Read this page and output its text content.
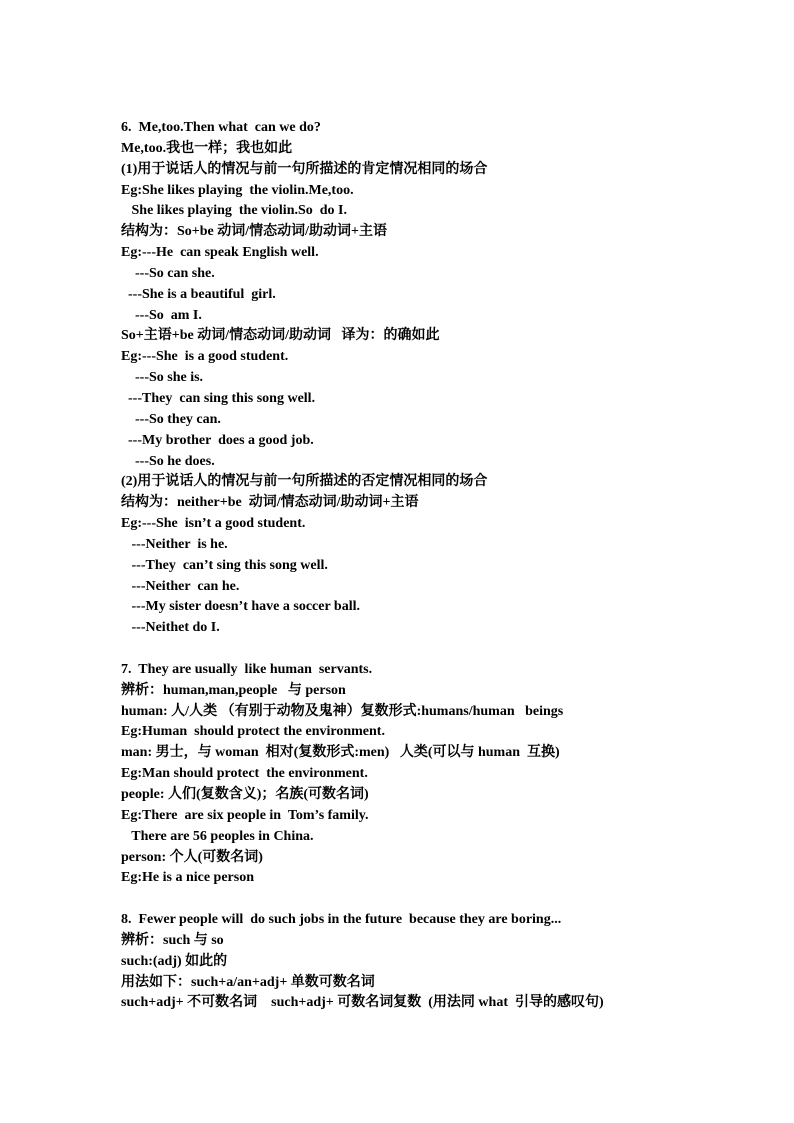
6.  Me,too.Then what  can we do?
Me,too.我也一样；我也如此
(1)用于说话人的情况与前一句所描述的肯定情况相同的场合
Eg:She likes playing  the violin.Me,too.
She likes playing  the violin.So  do I.
结构为：So+be 动词/情态动词/助动词+主语
Eg:---He  can speak English well.
---So can she.
---She is a beautiful  girl.
---So  am I.
So+主语+be 动词/情态动词/助动词   译为：的确如此
Eg:---She  is a good student.
---So she is.
---They  can sing this song well.
---So they can.
---My brother  does a good job.
---So he does.
(2)用于说话人的情况与前一句所描述的否定情况相同的场合
结构为：neither+be  动词/情态动词/助动词+主语
Eg:---She  isn’t a good student.
---Neither  is he.
---They  can’t sing this song well.
---Neither  can he.
---My sister doesn’t have a soccer ball.
---Neithet do I.
7.  They are usually  like human  servants.
辨析：human,man,people   与 person
human: 人/人类 （有别于动物及鬼神）复数形式:humans/human   beings
Eg:Human  should protect the environment.
man: 男士，与 woman  相对(复数形式:men)   人类(可以与 human  互换)
Eg:Man should protect  the environment.
people: 人们(复数含义)；名族(可数名词)
Eg:There  are six people in  Tom’s family.
There are 56 peoples in China.
person: 个人(可数名词)
Eg:He is a nice person
8.  Fewer people will  do such jobs in the future  because they are boring...
辨析：such 与 so
such:(adj) 如此的
用法如下：such+a/an+adj+ 单数可数名词
such+adj+ 不可数名词    such+adj+ 可数名词复数  (用法同 what  引导的感叹句)
